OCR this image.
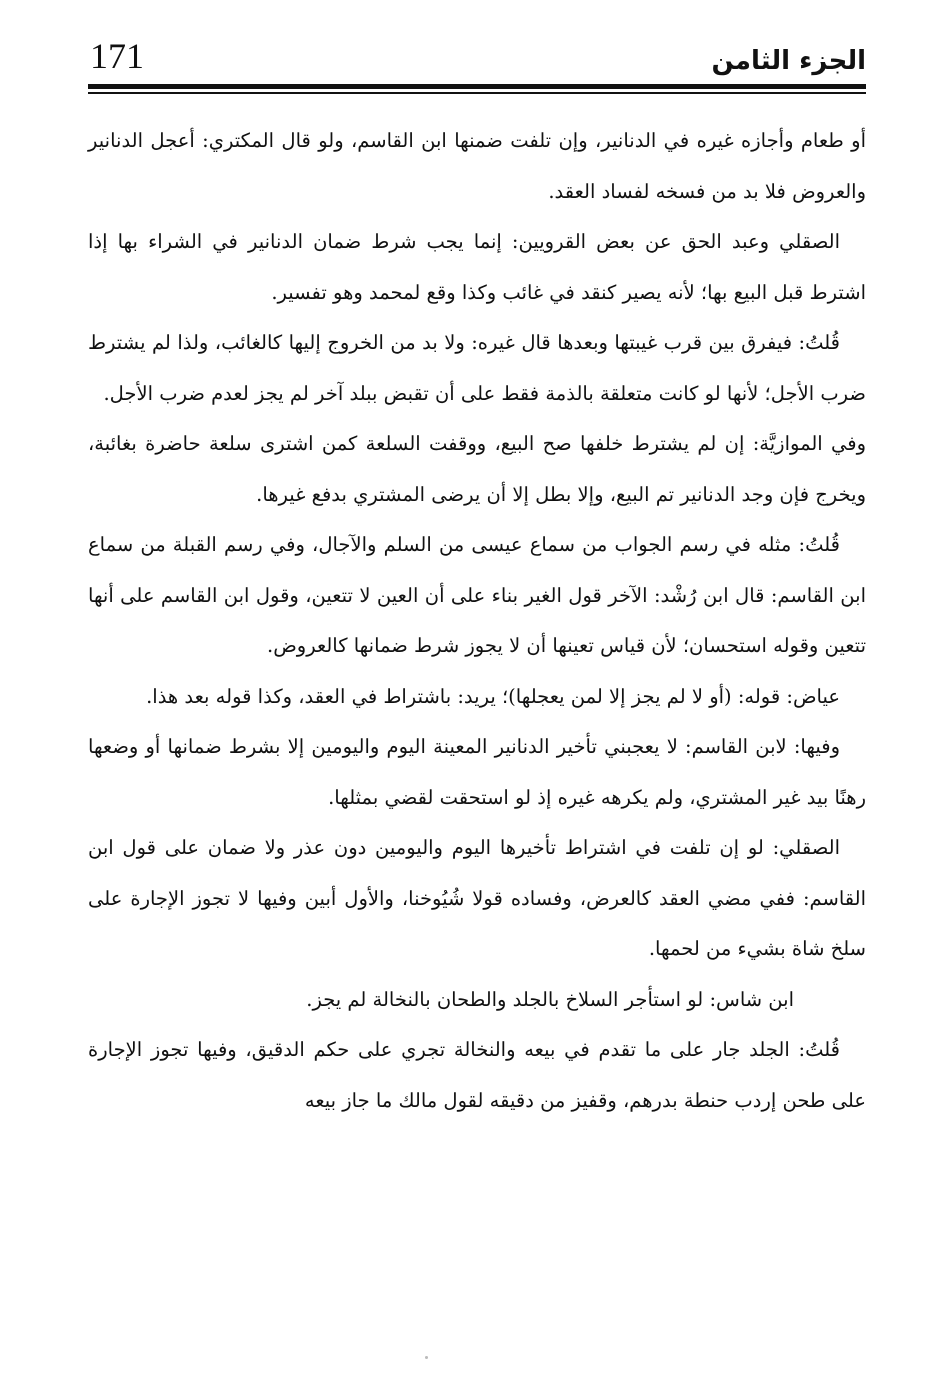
171	الجزء الثامن

أو طعام وأجازه غيره في الدنانير، وإن تلفت ضمنها ابن القاسم، ولو قال المكتري: أعجل الدنانير والعروض فلا بد من فسخه لفساد العقد.

الصقلي وعبد الحق عن بعض القرويين: إنما يجب شرط ضمان الدنانير في الشراء بها إذا اشترط قبل البيع بها؛ لأنه يصير كنقد في غائب وكذا وقع لمحمد وهو تفسير.

قُلتُ: فيفرق بين قرب غيبتها وبعدها قال غيره: ولا بد من الخروج إليها كالغائب، ولذا لم يشترط ضرب الأجل؛ لأنها لو كانت متعلقة بالذمة فقط على أن تقبض ببلد آخر لم يجز لعدم ضرب الأجل.

وفي الموازيَّة: إن لم يشترط خلفها صح البيع، ووقفت السلعة كمن اشترى سلعة حاضرة بغائبة، ويخرج فإن وجد الدنانير تم البيع، وإلا بطل إلا أن يرضى المشتري بدفع غيرها.

قُلتُ: مثله في رسم الجواب من سماع عيسى من السلم والآجال، وفي رسم القبلة من سماع ابن القاسم: قال ابن رُشْد: الآخر قول الغير بناء على أن العين لا تتعين، وقول ابن القاسم على أنها تتعين وقوله استحسان؛ لأن قياس تعينها أن لا يجوز شرط ضمانها كالعروض.

عياض: قوله: (أو لا لم يجز إلا لمن يعجلها)؛ يريد: باشتراط في العقد، وكذا قوله بعد هذا.

وفيها: لابن القاسم: لا يعجبني تأخير الدنانير المعينة اليوم واليومين إلا بشرط ضمانها أو وضعها رهنًا بيد غير المشتري، ولم يكرهه غيره إذ لو استحقت لقضي بمثلها.

الصقلي: لو إن تلفت في اشتراط تأخيرها اليوم واليومين دون عذر ولا ضمان على قول ابن القاسم: ففي مضي العقد كالعرض، وفساده قولا شُيُوخنا، والأول أبين وفيها لا تجوز الإجارة على سلخ شاة بشيء من لحمها.

ابن شاس: لو استأجر السلاخ بالجلد والطحان بالنخالة لم يجز.

قُلتُ: الجلد جار على ما تقدم في بيعه والنخالة تجري على حكم الدقيق، وفيها تجوز الإجارة على طحن إردب حنطة بدرهم، وقفيز من دقيقه لقول مالك ما جاز بيعه
